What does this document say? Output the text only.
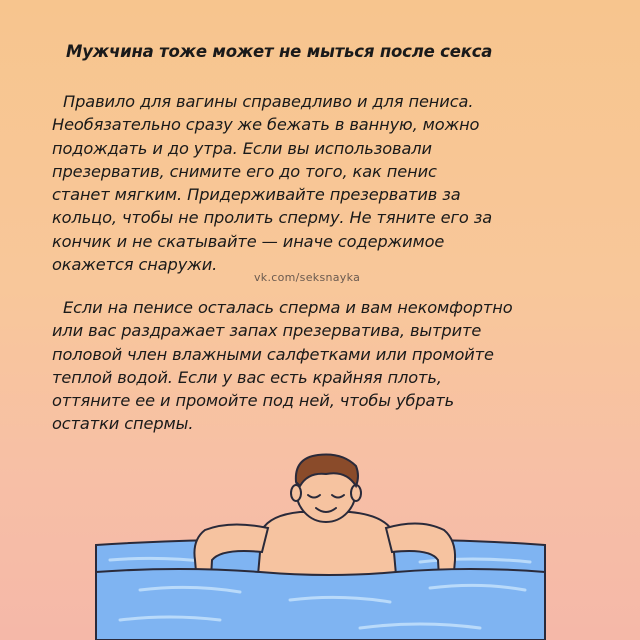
Мужчина тоже может не мыться после секса
Правило для вагины справедливо и для пениса.
Необязательно сразу же бежать в ванную, можно
подождать и до утра. Если вы использовали
презерватив, снимите его до того, как пенис
станет мягким. Придерживайте презерватив за
кольцо, чтобы не пролить сперму. Не тяните его за
кончик и не скатывайте — иначе содержимое
окажется снаружи.
vk.com/seksnayka
Если на пенисе осталась сперма и вам некомфортно
или вас раздражает запах презерватива, вытрите
половой член влажными салфетками или промойте
теплой водой. Если у вас есть крайняя плоть,
оттяните ее и промойте под ней, чтобы убрать
остатки спермы.
